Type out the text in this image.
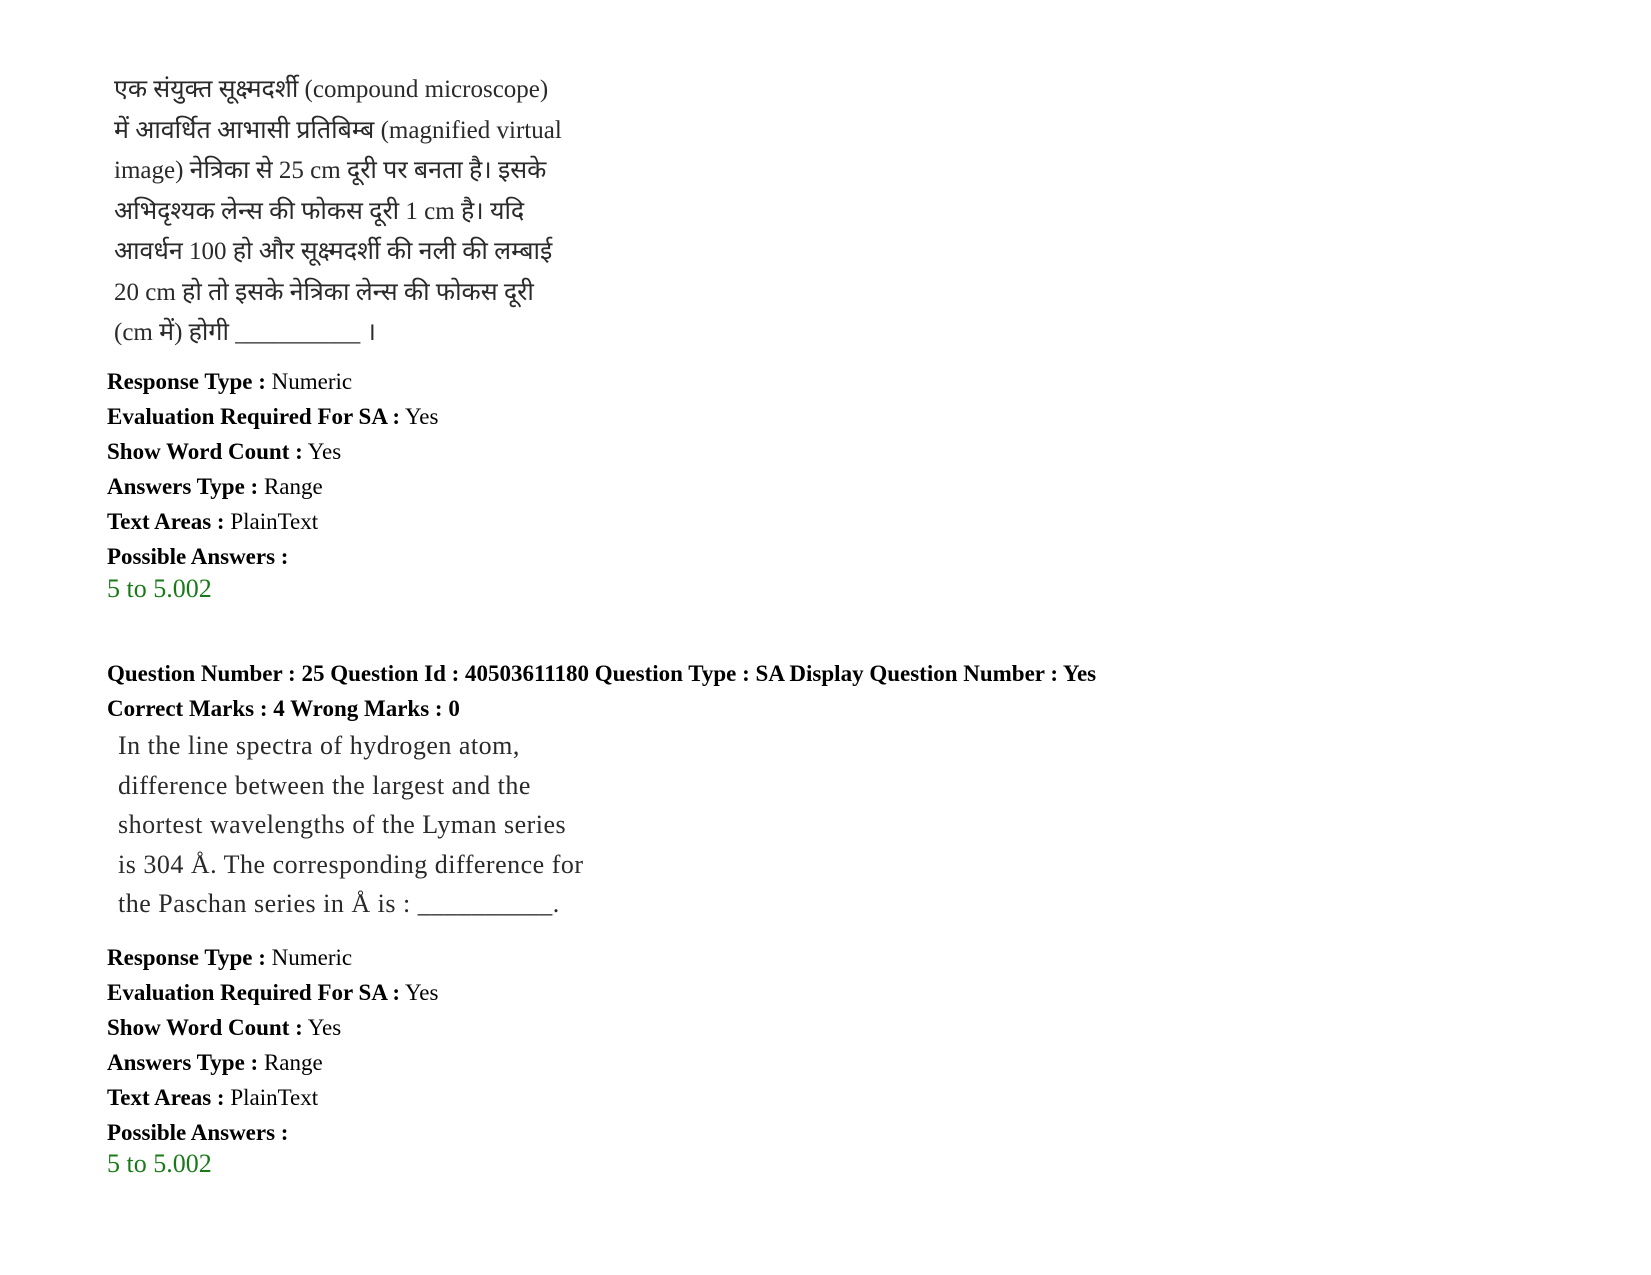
एक संयुक्त सूक्ष्मदर्शी (compound microscope)
में आवर्धित आभासी प्रतिबिम्ब (magnified virtual
image) नेत्रिका से 25 cm दूरी पर बनता है। इसके
अभिदृश्यक लेन्स की फोकस दूरी 1 cm है। यदि
आवर्धन 100 हो और सूक्ष्मदर्शी की नली की लम्बाई
20 cm हो तो इसके नेत्रिका लेन्स की फोकस दूरी
(cm में) होगी __________ ।
Response Type : Numeric
Evaluation Required For SA : Yes
Show Word Count : Yes
Answers Type : Range
Text Areas : PlainText
Possible Answers :
5 to 5.002
Question Number : 25 Question Id : 40503611180 Question Type : SA Display Question Number : Yes
Correct Marks : 4 Wrong Marks : 0
In the line spectra of hydrogen atom,
difference between the largest and the
shortest wavelengths of the Lyman series
is 304 Å. The corresponding difference for
the Paschan series in Å is : __________.
Response Type : Numeric
Evaluation Required For SA : Yes
Show Word Count : Yes
Answers Type : Range
Text Areas : PlainText
Possible Answers :
5 to 5.002
